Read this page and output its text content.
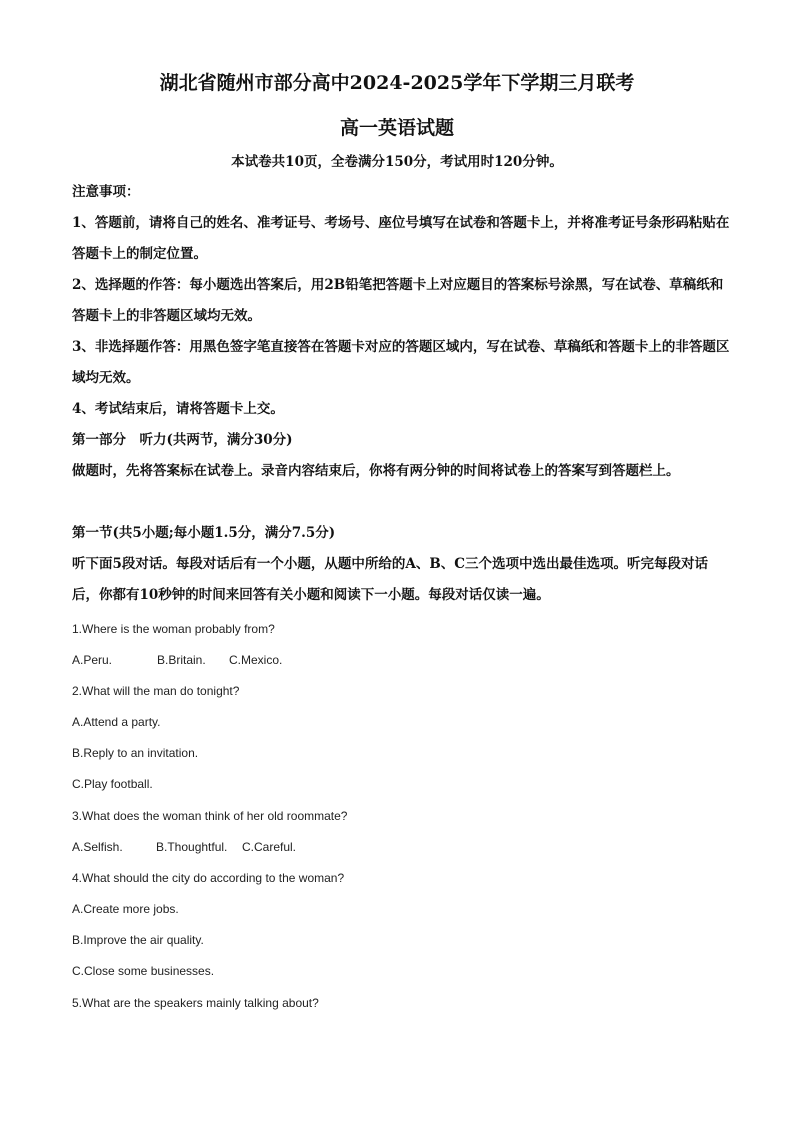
湖北省随州市部分高中2024-2025学年下学期三月联考
高一英语试题
本试卷共10页，全卷满分150分，考试用时120分钟。

注意事项：

1、答题前，请将自己的姓名、准考证号、考场号、座位号填写在试卷和答题卡上，并将准考证号条形码粘贴在答题卡上的制定位置。

2、选择题的作答：每小题选出答案后，用2B铅笔把答题卡上对应题目的答案标号涂黑，写在试卷、草稿纸和答题卡上的非答题区域均无效。

3、非选择题作答：用黑色签字笔直接答在答题卡对应的答题区域内，写在试卷、草稿纸和答题卡上的非答题区域均无效。

4、考试结束后，请将答题卡上交。

第一部分　听力(共两节，满分30分)

做题时，先将答案标在试卷上。录音内容结束后，你将有两分钟的时间将试卷上的答案写到答题栏上。

第一节(共5小题;每小题1.5分，满分7.5分)

听下面5段对话。每段对话后有一个小题，从题中所给的A、B、C三个选项中选出最佳选项。听完每段对话后，你都有10秒钟的时间来回答有关小题和阅读下一小题。每段对话仅读一遍。

1.Where is the woman probably from?

A.Peru.	B.Britain. C.Mexico.

2.What will the man do tonight?

A.Attend a party.

B.Reply to an invitation.

C.Play football.

3.What does the woman think of her old roommate?

A.Selfish.	B.Thoughtful. C.Careful.

4.What should the city do according to the woman?

A.Create more jobs.

B.Improve the air quality.

C.Close some businesses.

5.What are the speakers mainly talking about?
